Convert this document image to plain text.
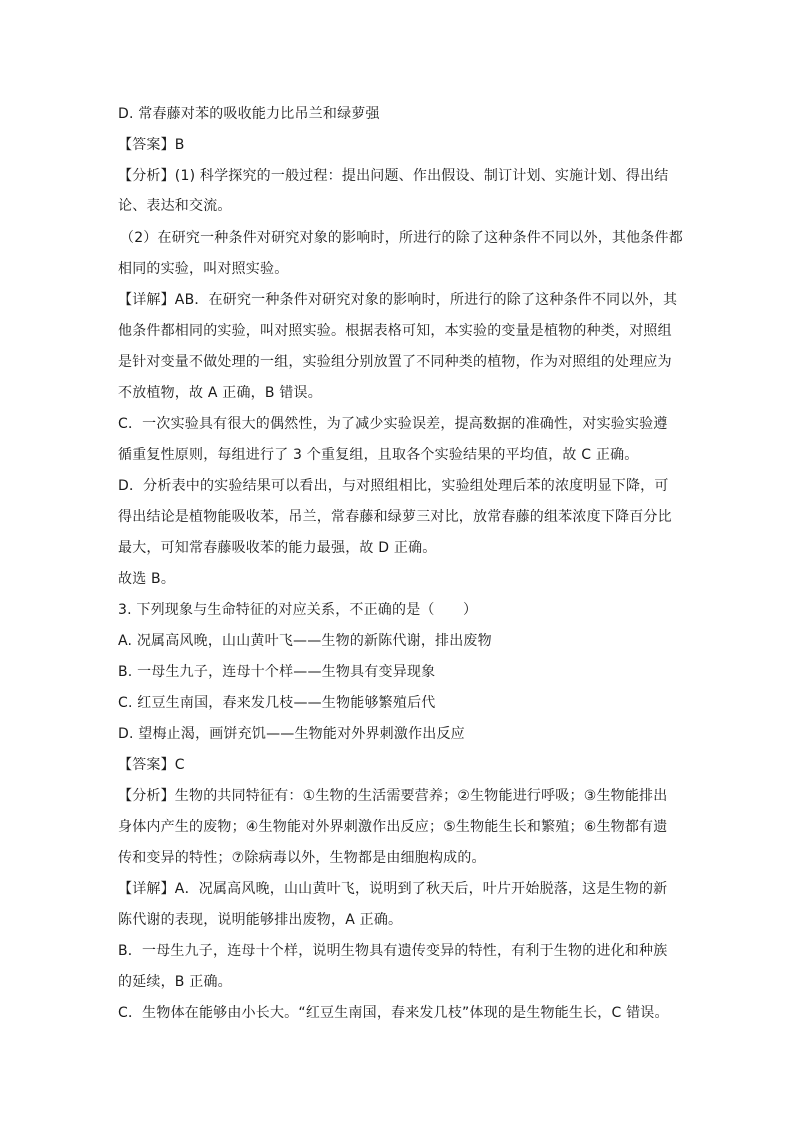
D. 常春藤对苯的吸收能力比吊兰和绿萝强
【答案】B
【分析】(1) 科学探究的一般过程：提出问题、作出假设、制订计划、实施计划、得出结
论、表达和交流。
（2）在研究一种条件对研究对象的影响时，所进行的除了这种条件不同以外，其他条件都
相同的实验，叫对照实验。
【详解】AB．在研究一种条件对研究对象的影响时，所进行的除了这种条件不同以外，其
他条件都相同的实验，叫对照实验。根据表格可知，本实验的变量是植物的种类，对照组
是针对变量不做处理的一组，实验组分别放置了不同种类的植物，作为对照组的处理应为
不放植物，故 A 正确，B 错误。
C．一次实验具有很大的偶然性，为了减少实验误差，提高数据的准确性，对实验实验遵
循重复性原则，每组进行了 3 个重复组，且取各个实验结果的平均值，故 C 正确。
D．分析表中的实验结果可以看出，与对照组相比，实验组处理后苯的浓度明显下降，可
得出结论是植物能吸收苯，吊兰，常春藤和绿萝三对比，放常春藤的组苯浓度下降百分比
最大，可知常春藤吸收苯的能力最强，故 D 正确。
故选 B。
3. 下列现象与生命特征的对应关系，不正确的是（　　）
A. 况属高风晚，山山黄叶飞——生物的新陈代谢，排出废物
B. 一母生九子，连母十个样——生物具有变异现象
C. 红豆生南国，春来发几枝——生物能够繁殖后代
D. 望梅止渴，画饼充饥——生物能对外界刺激作出反应
【答案】C
【分析】生物的共同特征有：①生物的生活需要营养；②生物能进行呼吸；③生物能排出
身体内产生的废物；④生物能对外界刺激作出反应；⑤生物能生长和繁殖；⑥生物都有遗
传和变异的特性；⑦除病毒以外，生物都是由细胞构成的。
【详解】A．况属高风晚，山山黄叶飞，说明到了秋天后，叶片开始脱落，这是生物的新
陈代谢的表现，说明能够排出废物，A 正确。
B．一母生九子，连母十个样，说明生物具有遗传变异的特性，有利于生物的进化和种族
的延续，B 正确。
C．生物体在能够由小长大。“红豆生南国，春来发几枝”体现的是生物能生长，C 错误。
